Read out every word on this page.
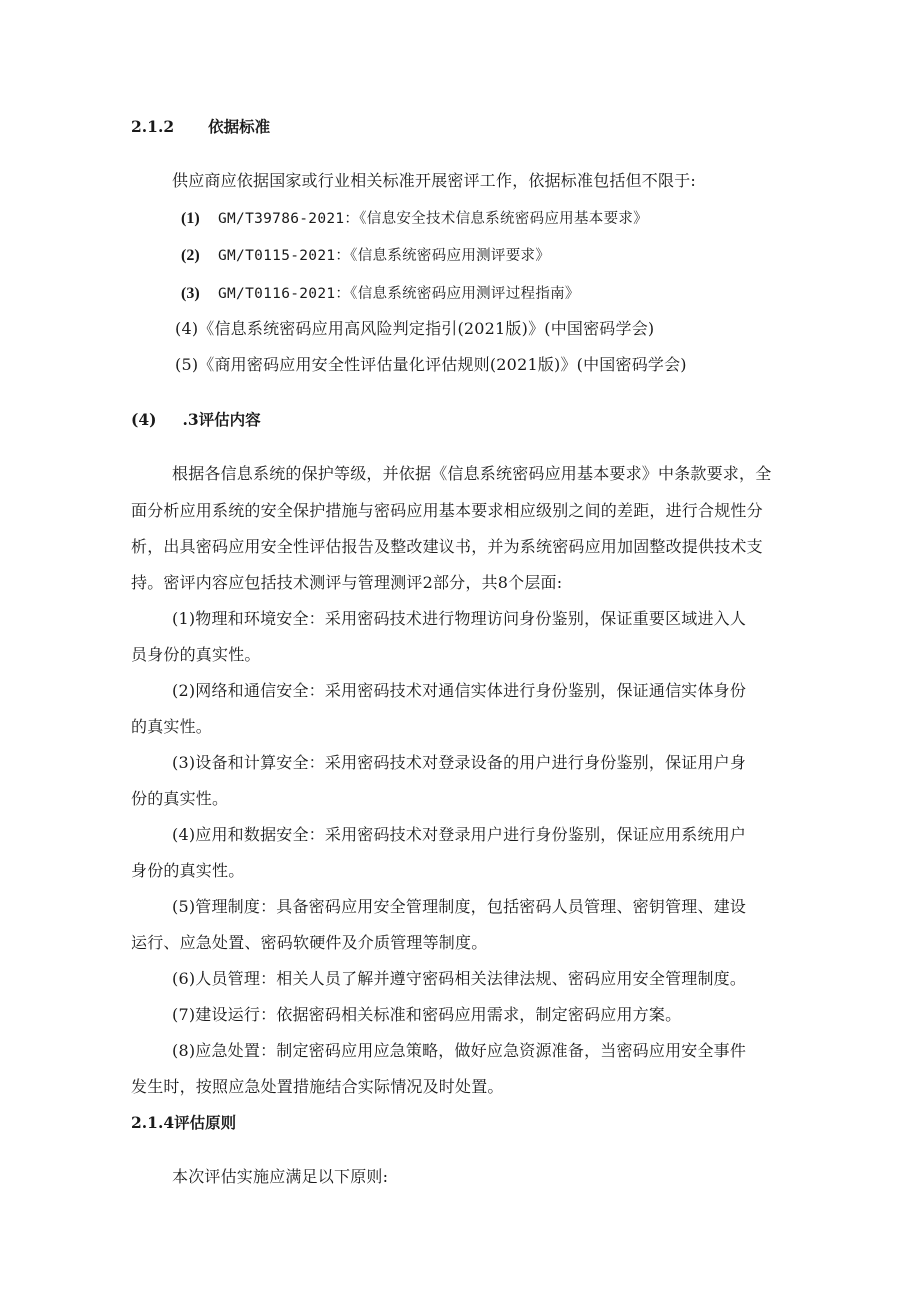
2.1.2 依据标准
供应商应依据国家或行业相关标准开展密评工作，依据标准包括但不限于:
(1) GM/T39786-2021：《信息安全技术信息系统密码应用基本要求》
(2) GM/T0115-2021：《信息系统密码应用测评要求》
(3) GM/T0116-2021：《信息系统密码应用测评过程指南》
(4)《信息系统密码应用高风险判定指引(2021版)》(中国密码学会)
(5)《商用密码应用安全性评估量化评估规则(2021版)》(中国密码学会)
(4) .3评估内容
根据各信息系统的保护等级，并依据《信息系统密码应用基本要求》中条款要求，全
面分析应用系统的安全保护措施与密码应用基本要求相应级别之间的差距，进行合规性分
析，出具密码应用安全性评估报告及整改建议书，并为系统密码应用加固整改提供技术支
持。密评内容应包括技术测评与管理测评2部分，共8个层面:
(1)物理和环境安全：采用密码技术进行物理访问身份鉴别，保证重要区域进入人
员身份的真实性。
(2)网络和通信安全：采用密码技术对通信实体进行身份鉴别，保证通信实体身份
的真实性。
(3)设备和计算安全：采用密码技术对登录设备的用户进行身份鉴别，保证用户身
份的真实性。
(4)应用和数据安全：采用密码技术对登录用户进行身份鉴别，保证应用系统用户
身份的真实性。
(5)管理制度：具备密码应用安全管理制度，包括密码人员管理、密钥管理、建设
运行、应急处置、密码软硬件及介质管理等制度。
(6)人员管理：相关人员了解并遵守密码相关法律法规、密码应用安全管理制度。
(7)建设运行：依据密码相关标准和密码应用需求，制定密码应用方案。
(8)应急处置：制定密码应用应急策略，做好应急资源准备，当密码应用安全事件
发生时，按照应急处置措施结合实际情况及时处置。
2.1.4评估原则
本次评估实施应满足以下原则:
